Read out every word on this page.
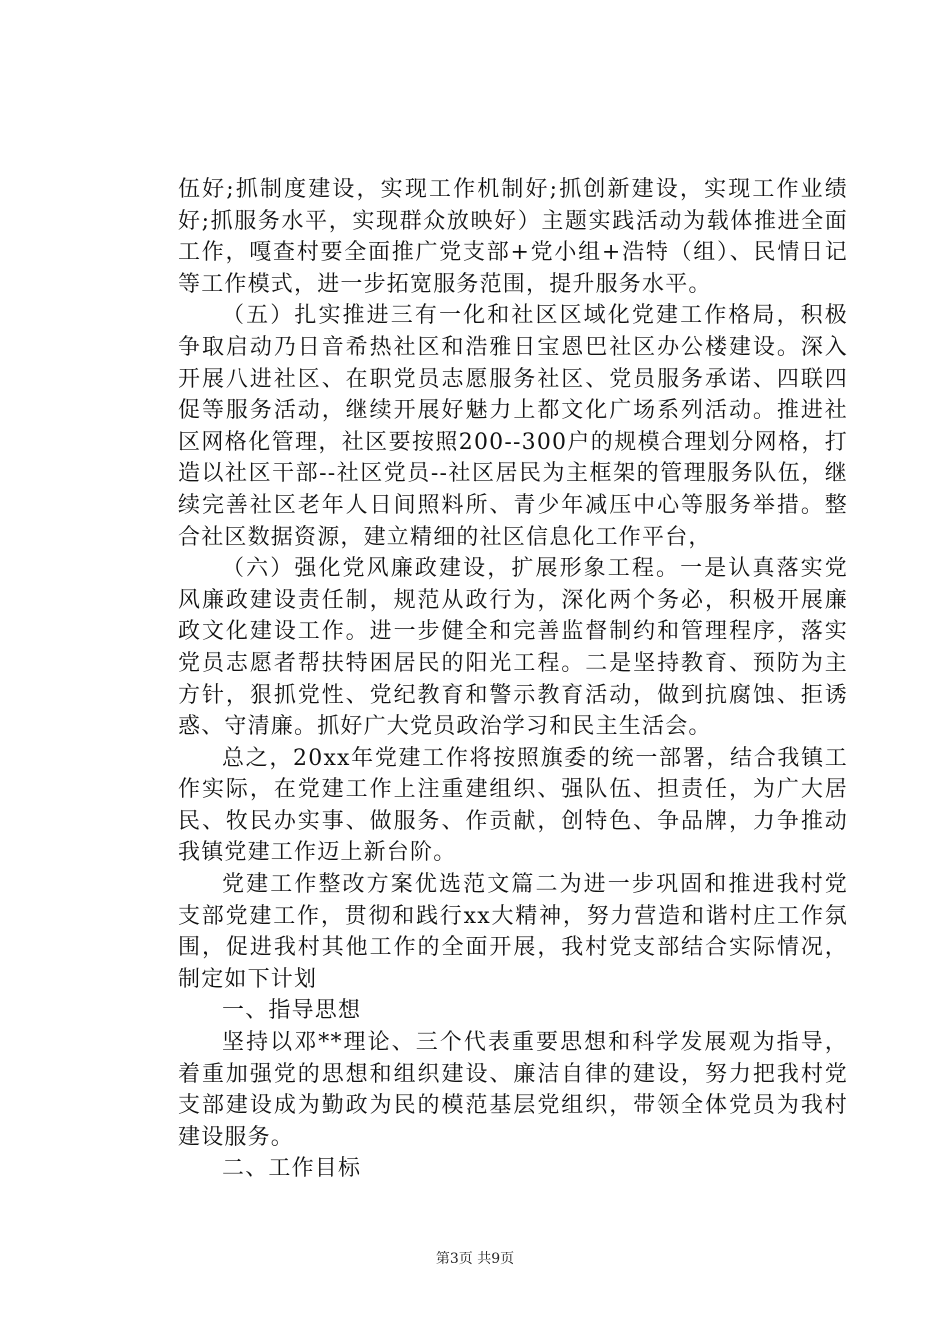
伍好;抓制度建设，实现工作机制好;抓创新建设，实现工作业绩好;抓服务水平，实现群众放映好）主题实践活动为载体推进全面工作，嘎查村要全面推广党支部+党小组+浩特（组）、民情日记等工作模式，进一步拓宽服务范围，提升服务水平。

（五）扎实推进三有一化和社区区域化党建工作格局，积极争取启动乃日音希热社区和浩雅日宝恩巴社区办公楼建设。深入开展八进社区、在职党员志愿服务社区、党员服务承诺、四联四促等服务活动，继续开展好魅力上都文化广场系列活动。推进社区网格化管理，社区要按照200--300户的规模合理划分网格，打造以社区干部--社区党员--社区居民为主框架的管理服务队伍，继续完善社区老年人日间照料所、青少年减压中心等服务举措。整合社区数据资源，建立精细的社区信息化工作平台，

（六）强化党风廉政建设，扩展形象工程。一是认真落实党风廉政建设责任制，规范从政行为，深化两个务必，积极开展廉政文化建设工作。进一步健全和完善监督制约和管理程序，落实党员志愿者帮扶特困居民的阳光工程。二是坚持教育、预防为主方针，狠抓党性、党纪教育和警示教育活动，做到抗腐蚀、拒诱惑、守清廉。抓好广大党员政治学习和民主生活会。

总之，20xx年党建工作将按照旗委的统一部署，结合我镇工作实际，在党建工作上注重建组织、强队伍、担责任，为广大居民、牧民办实事、做服务、作贡献，创特色、争品牌，力争推动我镇党建工作迈上新台阶。

党建工作整改方案优选范文篇二为进一步巩固和推进我村党支部党建工作，贯彻和践行xx大精神，努力营造和谐村庄工作氛围，促进我村其他工作的全面开展，我村党支部结合实际情况，制定如下计划

一、指导思想

坚持以邓**理论、三个代表重要思想和科学发展观为指导，着重加强党的思想和组织建设、廉洁自律的建设，努力把我村党支部建设成为勤政为民的模范基层党组织，带领全体党员为我村建设服务。

二、工作目标

第3页 共9页
